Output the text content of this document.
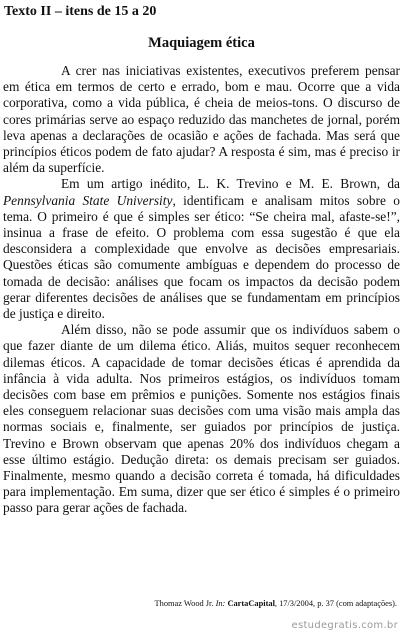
Texto II – itens de 15 a 20
Maquiagem ética

A crer nas iniciativas existentes, executivos preferem pensar em ética em termos de certo e errado, bom e mau. Ocorre que a vida corporativa, como a vida pública, é cheia de meios-tons. O discurso de cores primárias serve ao espaço reduzido das manchetes de jornal, porém leva apenas a declarações de ocasião e ações de fachada. Mas será que princípios éticos podem de fato ajudar? A resposta é sim, mas é preciso ir além da superfície.

Em um artigo inédito, L. K. Trevino e M. E. Brown, da Pennsylvania State University, identificam e analisam mitos sobre o tema. O primeiro é que é simples ser ético: “Se cheira mal, afaste-se!”, insinua a frase de efeito. O problema com essa sugestão é que ela desconsidera a complexidade que envolve as decisões empresariais. Questões éticas são comumente ambíguas e dependem do processo de tomada de decisão: análises que focam os impactos da decisão podem gerar diferentes decisões de análises que se fundamentam em princípios de justiça e direito.

Além disso, não se pode assumir que os indivíduos sabem o que fazer diante de um dilema ético. Aliás, muitos sequer reconhecem dilemas éticos. A capacidade de tomar decisões éticas é aprendida da infância à vida adulta. Nos primeiros estágios, os indivíduos tomam decisões com base em prêmios e punições. Somente nos estágios finais eles conseguem relacionar suas decisões com uma visão mais ampla das normas sociais e, finalmente, ser guiados por princípios de justiça. Trevino e Brown observam que apenas 20% dos indivíduos chegam a esse último estágio. Dedução direta: os demais precisam ser guiados. Finalmente, mesmo quando a decisão correta é tomada, há dificuldades para implementação. Em suma, dizer que ser ético é simples é o primeiro passo para gerar ações de fachada.

Thomaz Wood Jr. In: CartaCapital, 17/3/2004, p. 37 (com adaptações).
estudegratis.com.br
